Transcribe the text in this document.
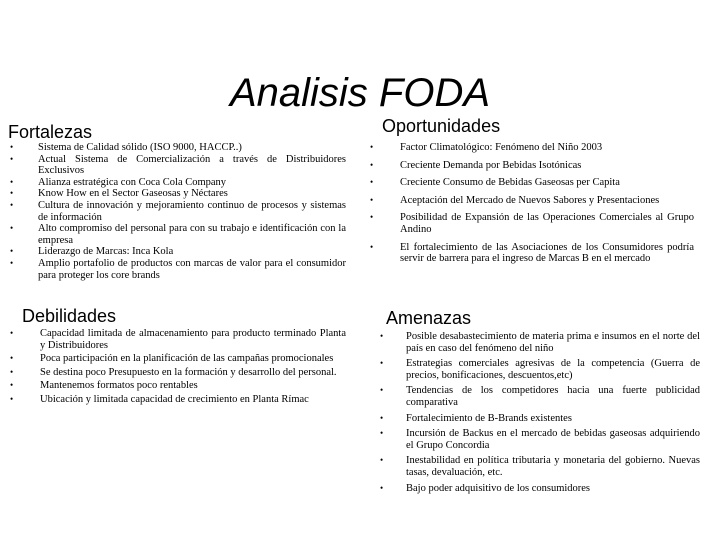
Analisis FODA
Fortalezas
• Sistema de Calidad sólido (ISO 9000, HACCP..)
• Actual Sistema de Comercialización a través de Distribuidores Exclusivos
• Alianza estratégica con Coca Cola Company
• Know How en el Sector Gaseosas y Néctares
• Cultura de innovación y mejoramiento continuo de procesos y sistemas de información
• Alto compromiso del personal para con su trabajo e identificación con la empresa
• Liderazgo de Marcas: Inca Kola
• Amplio portafolio de productos con marcas de valor para el consumidor para proteger los core brands
Debilidades
•	Capacidad limitada de almacenamiento para producto terminado Planta y Distribuidores
•	Poca participación en la planificación de las campañas promocionales
•	Se destina poco Presupuesto en la formación y desarrollo del personal.
•	Mantenemos formatos poco rentables
•	Ubicación y limitada capacidad de crecimiento en Planta Rímac
Oportunidades
•	Factor Climatológico: Fenómeno del Niño 2003
•	Creciente Demanda por Bebidas Isotónicas
•	Creciente Consumo de Bebidas Gaseosas per Capita
•	Aceptación del Mercado de Nuevos Sabores y Presentaciones
•	Posibilidad de Expansión de las Operaciones Comerciales al Grupo Andino
•	El fortalecimiento de las Asociaciones de los Consumidores podría servir de barrera para el ingreso de Marcas B en el mercado
Amenazas
• Posible desabastecimiento de materia prima e insumos en el norte del país en caso del fenómeno del niño
• Estrategias comerciales agresivas de la competencia (Guerra de precios, bonificaciones, descuentos,etc)
• Tendencias de los competidores hacia una fuerte publicidad comparativa
• Fortalecimiento de B-Brands existentes
• Incursión de Backus en el mercado de bebidas gaseosas adquiriendo el Grupo Concordia
• Inestabilidad en política tributaria y monetaria del gobierno. Nuevas tasas, devaluación, etc.
• Bajo poder adquisitivo de los consumidores
